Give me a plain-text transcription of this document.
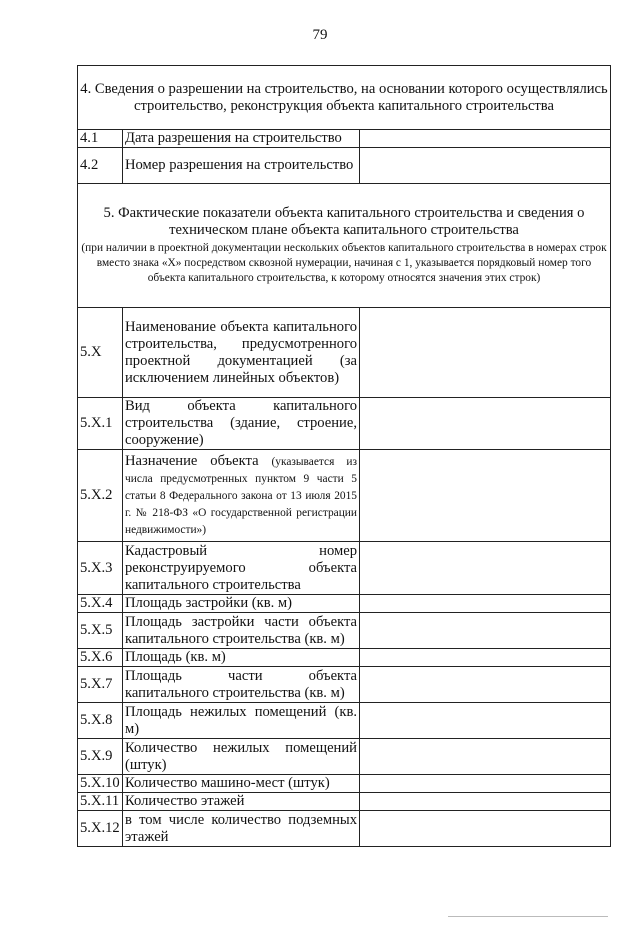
79
4. Сведения о разрешении на строительство, на основании которого осуществлялись строительство, реконструкция объекта капитального строительства		
4.1	Дата разрешения на строительство	
4.2	Номер разрешения на строительство	
5. Фактические показатели объекта капитального строительства и сведения о техническом плане объекта капитального строительства
(при наличии в проектной документации нескольких объектов капитального строительства в номерах строк вместо знака «X» посредством сквозной нумерации, начиная с 1, указывается порядковый номер того объекта капитального строительства, к которому относятся значения этих строк)		

5.X	Наименование объекта капитального строительства, предусмотренного проектной документацией (за исключением линейных объектов)	
5.X.1	Вид объекта капитального строительства (здание, строение, сооружение)	
5.X.2	Назначение объекта (указывается из числа предусмотренных пунктом 9 части 5 статьи 8 Федерального закона от 13 июля 2015 г. № 218-ФЗ «О государственной регистрации недвижимости»)	
5.X.3	Кадастровый номер реконструируемого объекта капитального строительства	
5.X.4	Площадь застройки (кв. м)	
5.X.5	Площадь застройки части объекта капитального строительства (кв. м)	
5.X.6	Площадь (кв. м)	
5.X.7	Площадь части объекта капитального строительства (кв. м)	
5.X.8	Площадь нежилых помещений (кв. м)	
5.X.9	Количество нежилых помещений (штук)	
5.X.10	Количество машино-мест (штук)	
5.X.11	Количество этажей	
5.X.12	в том числе количество подземных этажей	
